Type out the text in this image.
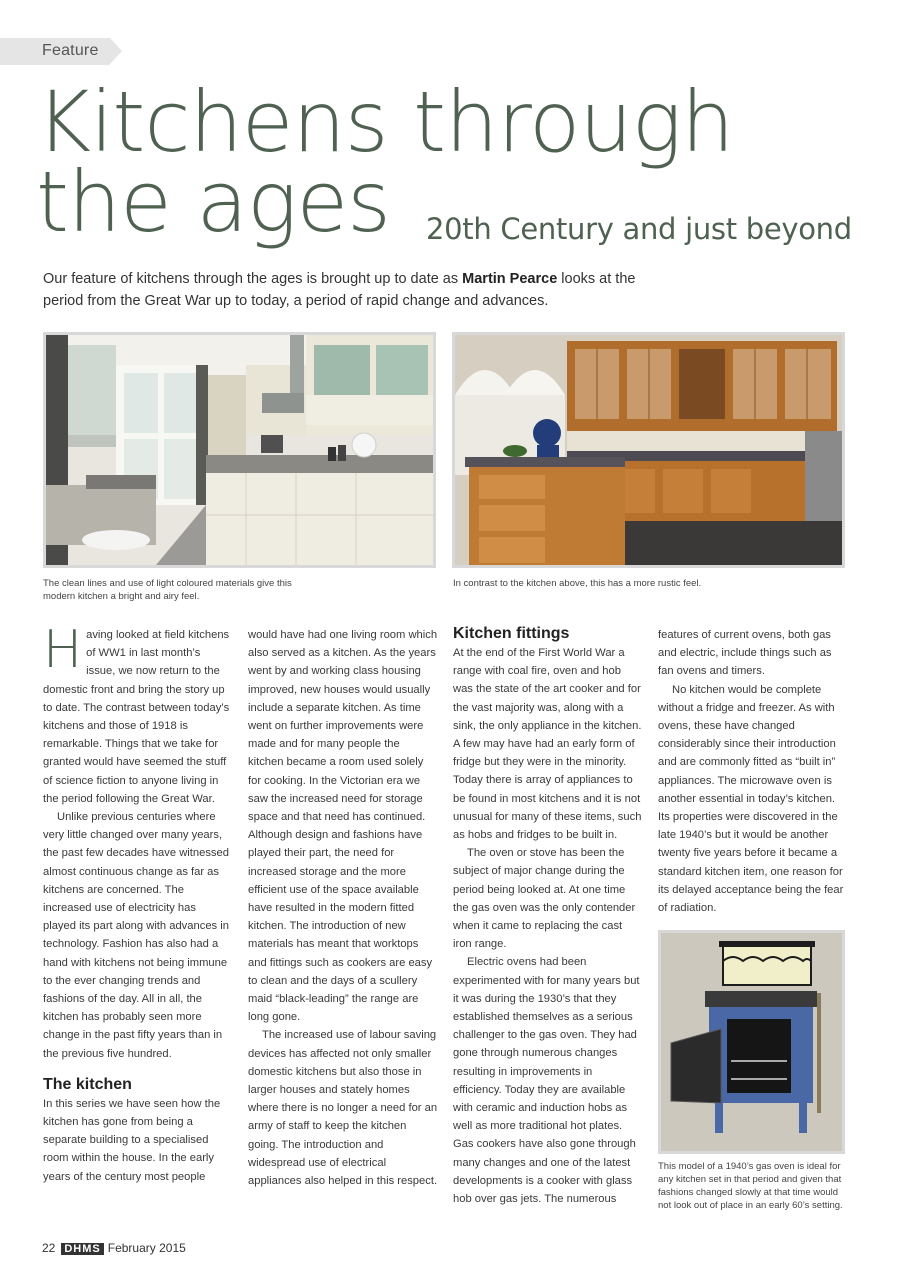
Feature
Kitchens through
the ages	20th Century and just beyond

Our feature of kitchens through the ages is brought up to date as Martin Pearce looks at the period from the Great War up to today, a period of rapid change and advances.

The clean lines and use of light coloured materials give this modern kitchen a bright and airy feel.
In contrast to the kitchen above, this has a more rustic feel.

Having looked at field kitchens of WW1 in last month’s issue, we now return to the domestic front and bring the story up to date. The contrast between today’s kitchens and those of 1918 is remarkable. Things that we take for granted would have seemed the stuff of science fiction to anyone living in the period following the Great War.

Unlike previous centuries where very little changed over many years, the past few decades have witnessed almost continuous change as far as kitchens are concerned. The increased use of electricity has played its part along with advances in technology. Fashion has also had a hand with kitchens not being immune to the ever changing trends and fashions of the day. All in all, the kitchen has probably seen more change in the past fifty years than in the previous five hundred.

The kitchen

In this series we have seen how the kitchen has gone from being a separate building to a specialised room within the house. In the early years of the century most people

would have had one living room which also served as a kitchen. As the years went by and working class housing improved, new houses would usually include a separate kitchen. As time went on further improvements were made and for many people the kitchen became a room used solely for cooking. In the Victorian era we saw the increased need for storage space and that need has continued. Although design and fashions have played their part, the need for increased storage and the more efficient use of the space available have resulted in the modern fitted kitchen. The introduction of new materials has meant that worktops and fittings such as cookers are easy to clean and the days of a scullery maid “black-leading” the range are long gone.

The increased use of labour saving devices has affected not only smaller domestic kitchens but also those in larger houses and stately homes where there is no longer a need for an army of staff to keep the kitchen going. The introduction and widespread use of electrical appliances also helped in this respect.

Kitchen fittings

At the end of the First World War a range with coal fire, oven and hob was the state of the art cooker and for the vast majority was, along with a sink, the only appliance in the kitchen. A few may have had an early form of fridge but they were in the minority. Today there is array of appliances to be found in most kitchens and it is not unusual for many of these items, such as hobs and fridges to be built in.

The oven or stove has been the subject of major change during the period being looked at. At one time the gas oven was the only contender when it came to replacing the cast iron range.

Electric ovens had been experimented with for many years but it was during the 1930’s that they established themselves as a serious challenger to the gas oven. They had gone through numerous changes resulting in improvements in efficiency. Today they are available with ceramic and induction hobs as well as more traditional hot plates. Gas cookers have also gone through many changes and one of the latest developments is a cooker with glass hob over gas jets. The numerous

features of current ovens, both gas and electric, include things such as fan ovens and timers.

No kitchen would be complete without a fridge and freezer. As with ovens, these have changed considerably since their introduction and are commonly fitted as “built in” appliances. The microwave oven is another essential in today’s kitchen. Its properties were discovered in the late 1940’s but it would be another twenty five years before it became a standard kitchen item, one reason for its delayed acceptance being the fear of radiation.

This model of a 1940’s gas oven is ideal for any kitchen set in that period and given that fashions changed slowly at that time would not look out of place in an early 60’s setting.
22 DHMS February 2015
